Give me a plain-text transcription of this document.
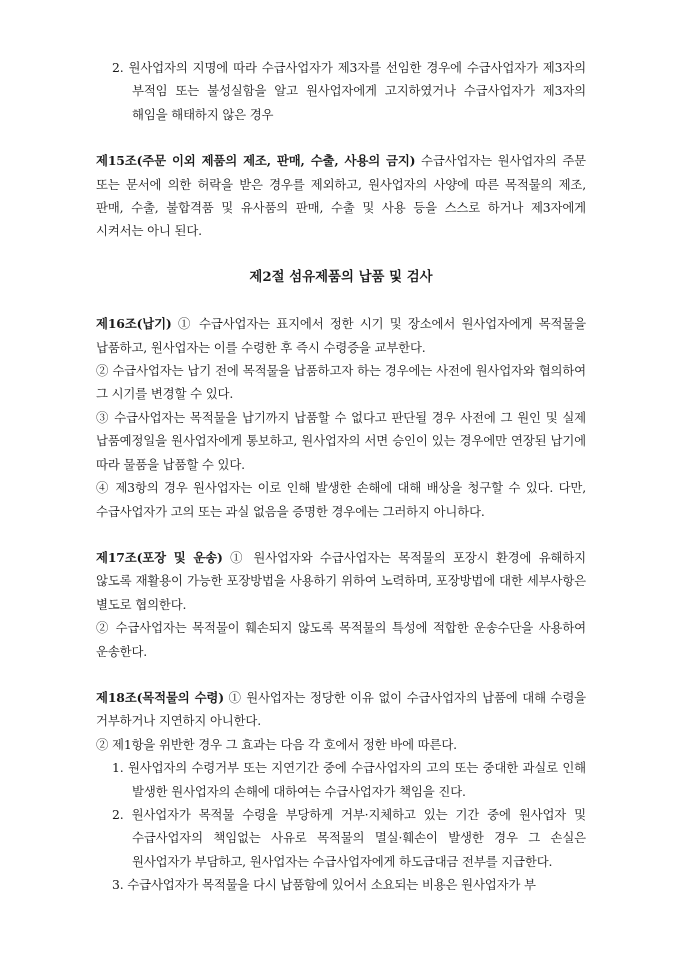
2. 원사업자의 지명에 따라 수급사업자가 제3자를 선임한 경우에 수급사업자가 제3자의 부적임 또는 불성실함을 알고 원사업자에게 고지하였거나 수급사업자가 제3자의 해임을 해태하지 않은 경우

제15조(주문 이외 제품의 제조, 판매, 수출, 사용의 금지) 수급사업자는 원사업자의 주문 또는 문서에 의한 허락을 받은 경우를 제외하고, 원사업자의 사양에 따른 목적물의 제조, 판매, 수출, 불합격품 및 유사품의 판매, 수출 및 사용 등을 스스로 하거나 제3자에게 시켜서는 아니 된다.

제2절 섬유제품의 납품 및 검사

제16조(납기) ① 수급사업자는 표지에서 정한 시기 및 장소에서 원사업자에게 목적물을 납품하고, 원사업자는 이를 수령한 후 즉시 수령증을 교부한다.

② 수급사업자는 납기 전에 목적물을 납품하고자 하는 경우에는 사전에 원사업자와 협의하여 그 시기를 변경할 수 있다.

③ 수급사업자는 목적물을 납기까지 납품할 수 없다고 판단될 경우 사전에 그 원인 및 실제 납품예정일을 원사업자에게 통보하고, 원사업자의 서면 승인이 있는 경우에만 연장된 납기에 따라 물품을 납품할 수 있다.

④ 제3항의 경우 원사업자는 이로 인해 발생한 손해에 대해 배상을 청구할 수 있다. 다만, 수급사업자가 고의 또는 과실 없음을 증명한 경우에는 그러하지 아니하다.

제17조(포장 및 운송) ① 원사업자와 수급사업자는 목적물의 포장시 환경에 유해하지 않도록 재활용이 가능한 포장방법을 사용하기 위하여 노력하며, 포장방법에 대한 세부사항은 별도로 협의한다.

② 수급사업자는 목적물이 훼손되지 않도록 목적물의 특성에 적합한 운송수단을 사용하여 운송한다.

제18조(목적물의 수령) ① 원사업자는 정당한 이유 없이 수급사업자의 납품에 대해 수령을 거부하거나 지연하지 아니한다.

② 제1항을 위반한 경우 그 효과는 다음 각 호에서 정한 바에 따른다.

1. 원사업자의 수령거부 또는 지연기간 중에 수급사업자의 고의 또는 중대한 과실로 인해 발생한 원사업자의 손해에 대하여는 수급사업자가 책임을 진다.

2. 원사업자가 목적물 수령을 부당하게 거부·지체하고 있는 기간 중에 원사업자 및 수급사업자의 책임없는 사유로 목적물의 멸실·훼손이 발생한 경우 그 손실은 원사업자가 부담하고, 원사업자는 수급사업자에게 하도급대금 전부를 지급한다.

3. 수급사업자가 목적물을 다시 납품함에 있어서 소요되는 비용은 원사업자가 부
